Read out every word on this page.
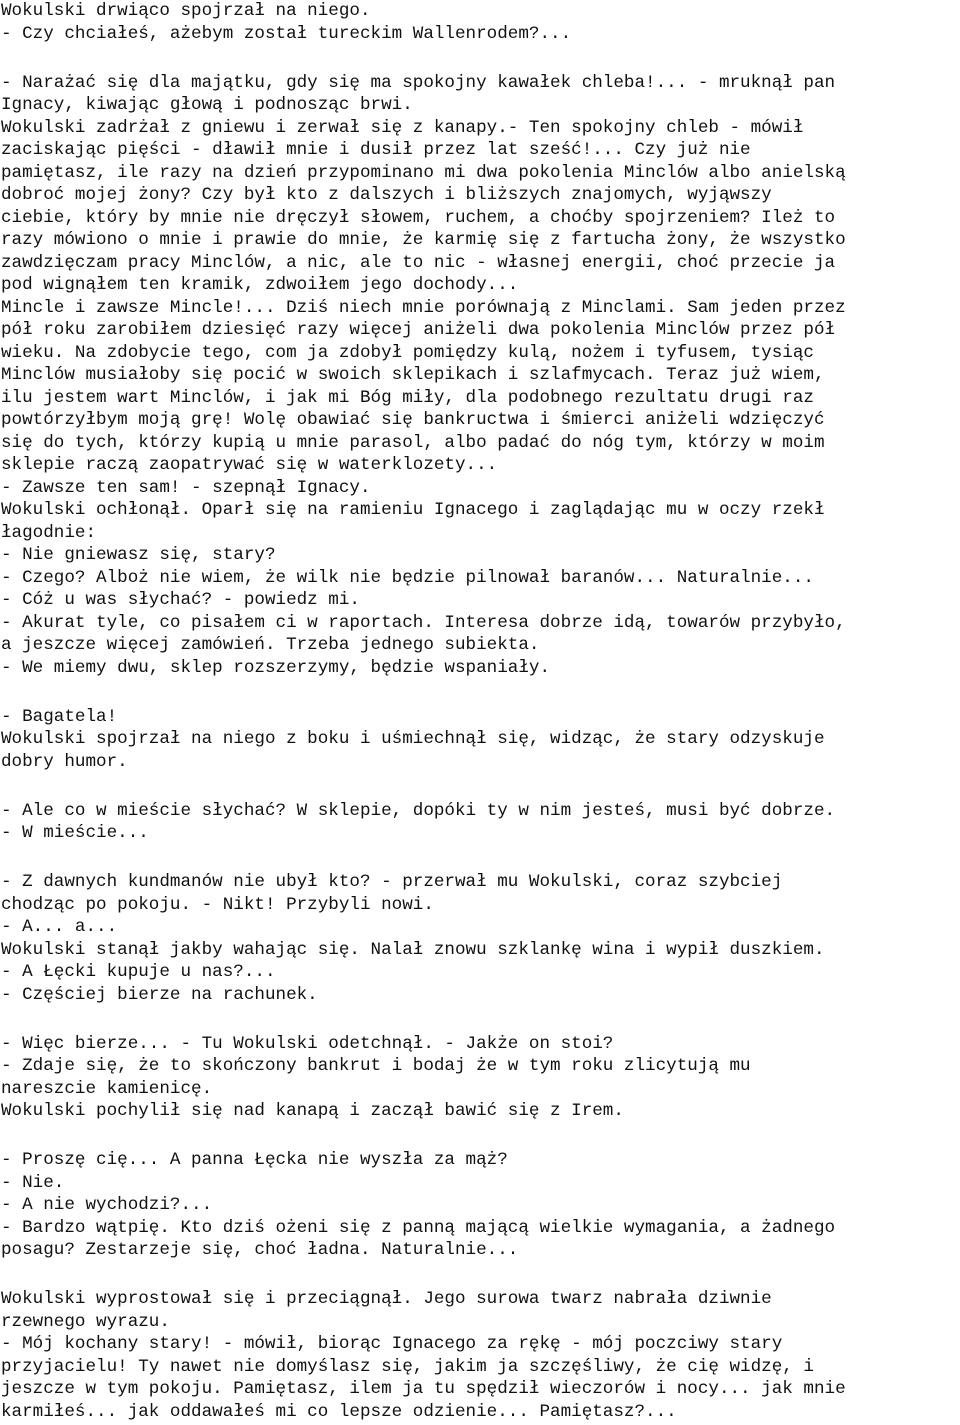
Wokulski drwiąco spojrzał na niego.
- Czy chciałeś, ażebym został tureckim Wallenrodem?...
- Narażać się dla majątku, gdy się ma spokojny kawałek chleba!... - mruknął pan
Ignacy, kiwając głową i podnosząc brwi.
Wokulski zadrżał z gniewu i zerwał się z kanapy.- Ten spokojny chleb - mówił
zaciskając pięści - dławił mnie i dusił przez lat sześć!... Czy już nie
pamiętasz, ile razy na dzień przypominano mi dwa pokolenia Minclów albo anielską
dobroć mojej żony? Czy był kto z dalszych i bliższych znajomych, wyjąwszy
ciebie, który by mnie nie dręczył słowem, ruchem, a choćby spojrzeniem? Ileż to
razy mówiono o mnie i prawie do mnie, że karmię się z fartucha żony, że wszystko
zawdzięczam pracy Minclów, a nic, ale to nic - własnej energii, choć przecie ja
pod wignąłem ten kramik, zdwoiłem jego dochody...
Mincle i zawsze Mincle!... Dziś niech mnie porównają z Minclami. Sam jeden przez
pół roku zarobiłem dziesięć razy więcej aniżeli dwa pokolenia Minclów przez pół
wieku. Na zdobycie tego, com ja zdobył pomiędzy kulą, nożem i tyfusem, tysiąc
Minclów musiałoby się pocić w swoich sklepikach i szlafmycach. Teraz już wiem,
ilu jestem wart Minclów, i jak mi Bóg miły, dla podobnego rezultatu drugi raz
powtórzyłbym moją grę! Wolę obawiać się bankructwa i śmierci aniżeli wdzięczyć
się do tych, którzy kupią u mnie parasol, albo padać do nóg tym, którzy w moim
sklepie raczą zaopatrywać się w waterklozety...
- Zawsze ten sam! - szepnął Ignacy.
Wokulski ochłonął. Oparł się na ramieniu Ignacego i zaglądając mu w oczy rzekł
łagodnie:
- Nie gniewasz się, stary?
- Czego? Alboż nie wiem, że wilk nie będzie pilnował baranów... Naturalnie...
- Cóż u was słychać? - powiedz mi.
- Akurat tyle, co pisałem ci w raportach. Interesa dobrze idą, towarów przybyło,
a jeszcze więcej zamówień. Trzeba jednego subiekta.
- We miemy dwu, sklep rozszerzymy, będzie wspaniały.
- Bagatela!
Wokulski spojrzał na niego z boku i uśmiechnął się, widząc, że stary odzyskuje
dobry humor.
- Ale co w mieście słychać? W sklepie, dopóki ty w nim jesteś, musi być dobrze.
- W mieście...
- Z dawnych kundmanów nie ubył kto? - przerwał mu Wokulski, coraz szybciej
chodząc po pokoju. - Nikt! Przybyli nowi.
- A... a...
Wokulski stanął jakby wahając się. Nalał znowu szklankę wina i wypił duszkiem.
- A Łęcki kupuje u nas?...
- Częściej bierze na rachunek.
- Więc bierze... - Tu Wokulski odetchnął. - Jakże on stoi?
- Zdaje się, że to skończony bankrut i bodaj że w tym roku zlicytują mu
nareszcie kamienicę.
Wokulski pochylił się nad kanapą i zaczął bawić się z Irem.
- Proszę cię... A panna Łęcka nie wyszła za mąż?
- Nie.
- A nie wychodzi?...
- Bardzo wątpię. Kto dziś ożeni się z panną mającą wielkie wymagania, a żadnego
posagu? Zestarzeje się, choć ładna. Naturalnie...
Wokulski wyprostował się i przeciągnął. Jego surowa twarz nabrała dziwnie
rzewnego wyrazu.
- Mój kochany stary! - mówił, biorąc Ignacego za rękę - mój poczciwy stary
przyjacielu! Ty nawet nie domyślasz się, jakim ja szczęśliwy, że cię widzę, i
jeszcze w tym pokoju. Pamiętasz, ilem ja tu spędził wieczorów i nocy... jak mnie
karmiłeś... jak oddawałeś mi co lepsze odzienie... Pamiętasz?...
